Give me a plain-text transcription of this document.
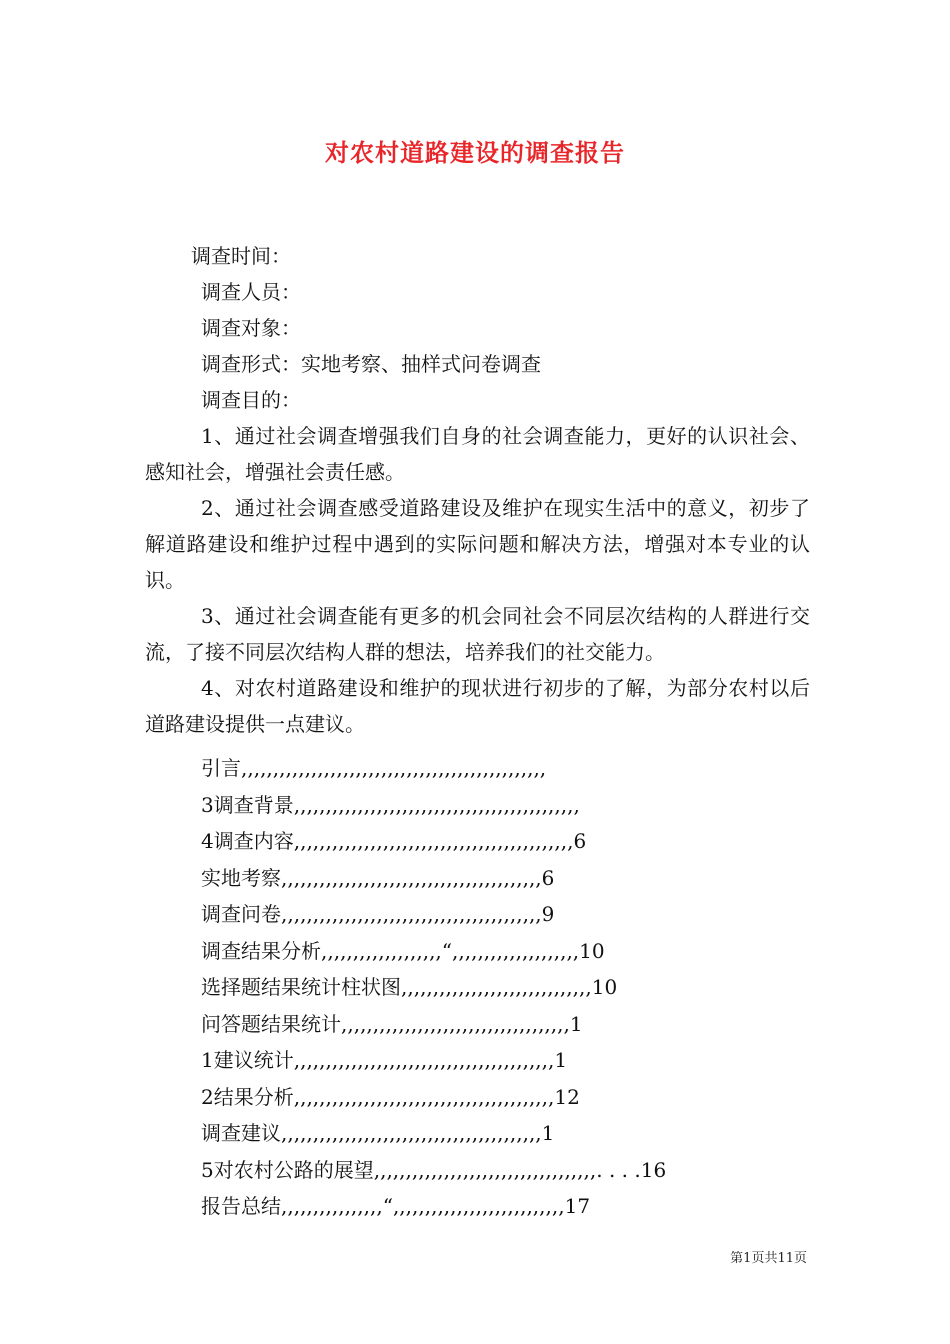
对农村道路建设的调查报告

调查时间：

调查人员：

调查对象：

调查形式：实地考察、抽样式问卷调查

调查目的：

1、通过社会调查增强我们自身的社会调查能力，更好的认识社会、感知社会，增强社会责任感。

2、通过社会调查感受道路建设及维护在现实生活中的意义，初步了解道路建设和维护过程中遇到的实际问题和解决方法，增强对本专业的认识。

3、通过社会调查能有更多的机会同社会不同层次结构的人群进行交流，了接不同层次结构人群的想法，培养我们的社交能力。

4、对农村道路建设和维护的现状进行初步的了解，为部分农村以后道路建设提供一点建议。

引言,,,,,,,,,,,,,,,,,,,,,,,,,,,,,,,,,,,,,,,,,,,,,,,,

3调查背景,,,,,,,,,,,,,,,,,,,,,,,,,,,,,,,,,,,,,,,,,,,,,

4调查内容,,,,,,,,,,,,,,,,,,,,,,,,,,,,,,,,,,,,,,,,,,,,6

实地考察,,,,,,,,,,,,,,,,,,,,,,,,,,,,,,,,,,,,,,,,,6

调查问卷,,,,,,,,,,,,,,,,,,,,,,,,,,,,,,,,,,,,,,,,,9

调查结果分析,,,,,,,,,,,,,,,,,,,“,,,,,,,,,,,,,,,,,,,,10

选择题结果统计柱状图,,,,,,,,,,,,,,,,,,,,,,,,,,,,,,10

问答题结果统计,,,,,,,,,,,,,,,,,,,,,,,,,,,,,,,,,,,,1

1建议统计,,,,,,,,,,,,,,,,,,,,,,,,,,,,,,,,,,,,,,,,,1

2结果分析,,,,,,,,,,,,,,,,,,,,,,,,,,,,,,,,,,,,,,,,,12

调查建议,,,,,,,,,,,,,,,,,,,,,,,,,,,,,,,,,,,,,,,,,1

5对农村公路的展望,,,,,,,,,,,,,,,,,,,,,,,,,,,,,,,,,,,. . . .16

报告总结,,,,,,,,,,,,,,,,“,,,,,,,,,,,,,,,,,,,,,,,,,,,17

第1页共11页
